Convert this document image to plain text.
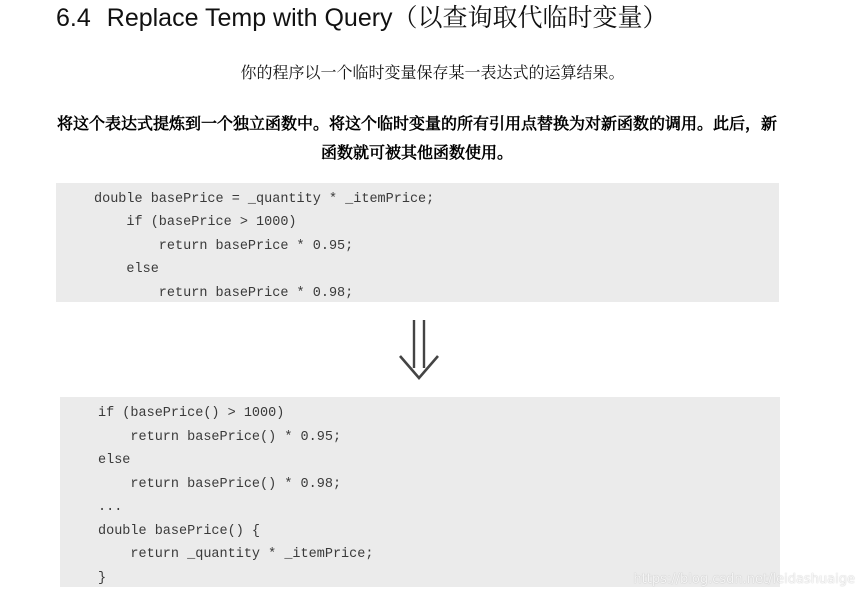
6.4 Replace Temp with Query（以查询取代临时变量）
你的程序以一个临时变量保存某一表达式的运算结果。
将这个表达式提炼到一个独立函数中。将这个临时变量的所有引用点替换为对新函数的调用。此后，新函数就可被其他函数使用。
double basePrice = _quantity * _itemPrice;
if (basePrice > 1000)
return basePrice * 0.95;
else
return basePrice * 0.98;
if (basePrice() > 1000)
return basePrice() * 0.95;
else
return basePrice() * 0.98;
...
double basePrice() {
return _quantity * _itemPrice;
}	https://blog.csdn.net/leidashuaige
